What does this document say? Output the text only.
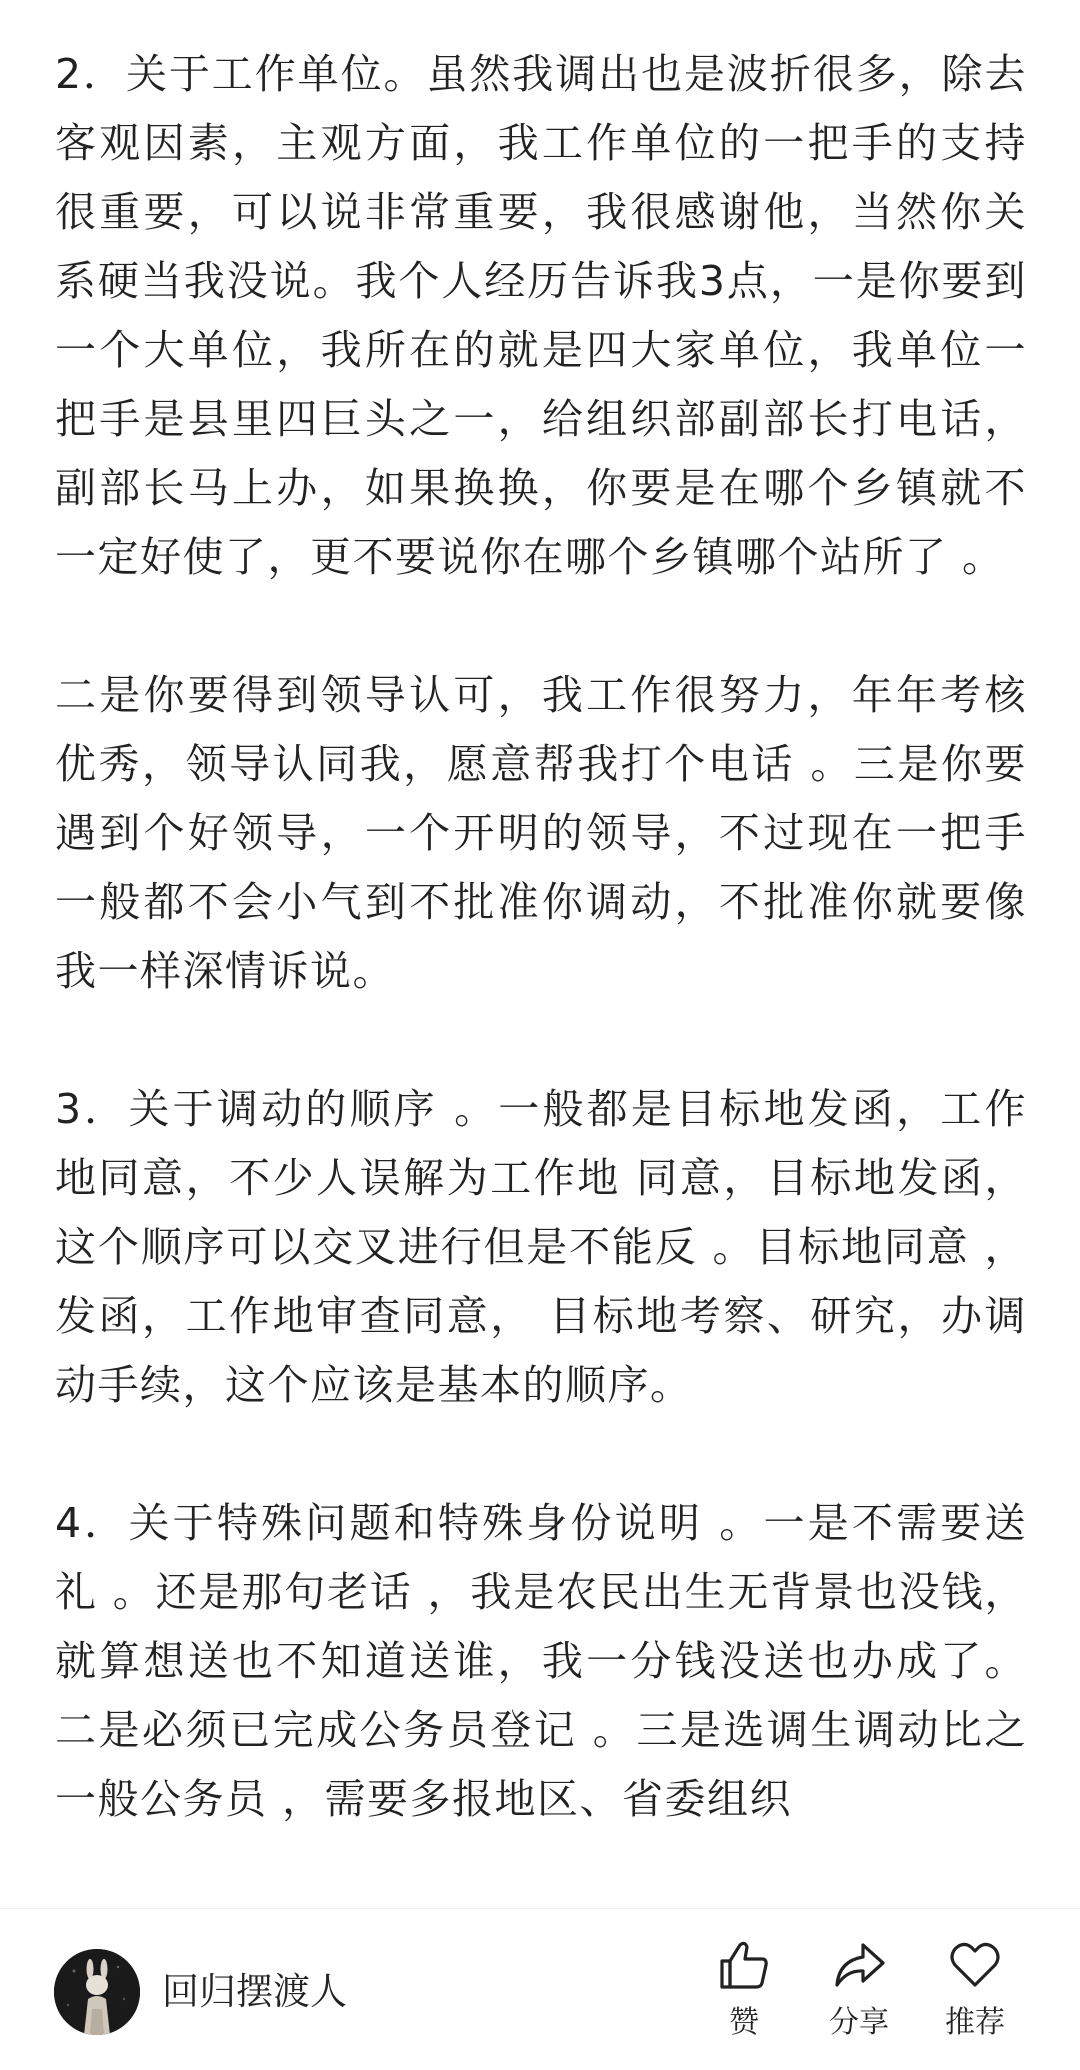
2．关于工作单位。虽然我调出也是波折很多，除去客观因素，主观方面，我工作单位的一把手的支持很重要，可以说非常重要，我很感谢他，当然你关系硬当我没说。我个人经历告诉我3点，一是你要到一个大单位，我所在的就是四大家单位，我单位一把手是县里四巨头之一，给组织部副部长打电话，副部长马上办，如果换换，你要是在哪个乡镇就不一定好使了，更不要说你在哪个乡镇哪个站所了 。

二是你要得到领导认可，我工作很努力，年年考核优秀，领导认同我，愿意帮我打个电话 。三是你要遇到个好领导，一个开明的领导，不过现在一把手一般都不会小气到不批准你调动，不批准你就要像我一样深情诉说。

3．关于调动的顺序 。一般都是目标地发函，工作地同意，不少人误解为工作地 同意，目标地发函，这个顺序可以交叉进行但是不能反 。目标地同意 ，发函，工作地审查同意， 目标地考察、研究，办调动手续，这个应该是基本的顺序。

4．关于特殊问题和特殊身份说明 。一是不需要送礼 。还是那句老话 ，我是农民出生无背景也没钱，就算想送也不知道送谁，我一分钱没送也办成了。二是必须已完成公务员登记 。三是选调生调动比之一般公务员 ，需要多报地区、省委组织

回归摆渡人
赞	分享	推荐
